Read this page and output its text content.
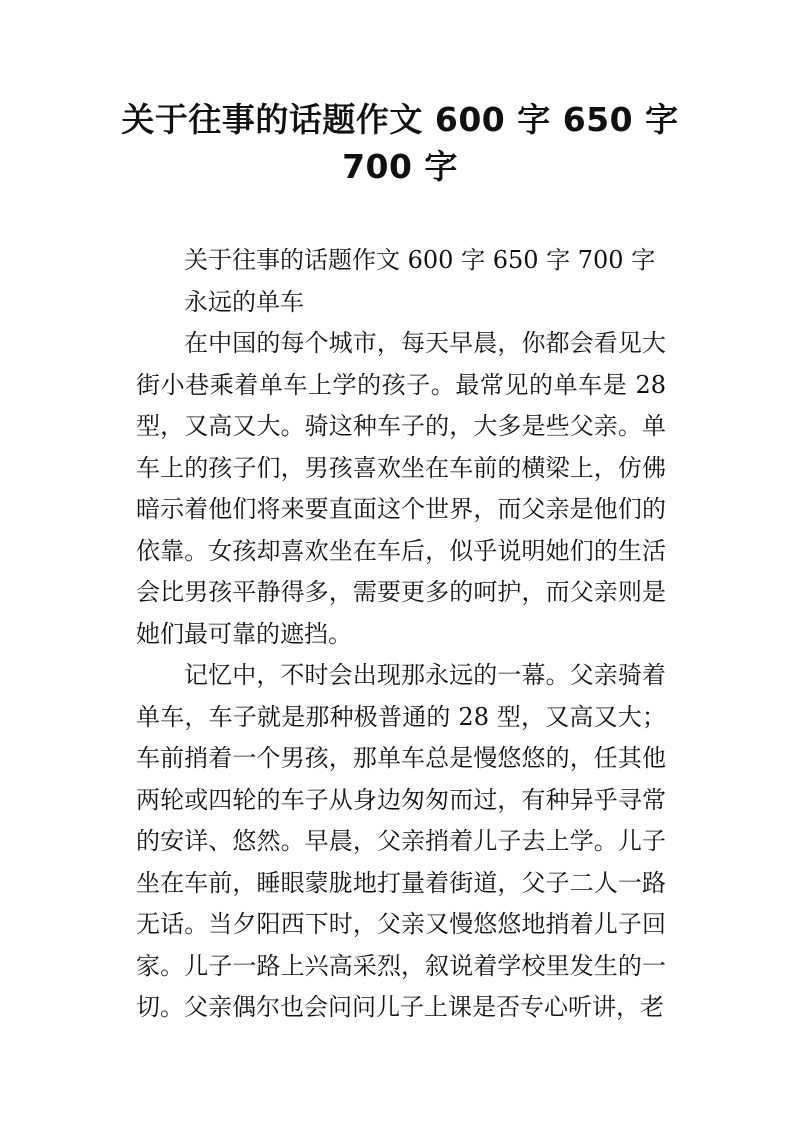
关于往事的话题作文 600 字 650 字
700 字

关于往事的话题作文 600 字 650 字 700 字

永远的单车

在中国的每个城市，每天早晨，你都会看见大街小巷乘着单车上学的孩子。最常见的单车是 28 型，又高又大。骑这种车子的，大多是些父亲。单车上的孩子们，男孩喜欢坐在车前的横梁上，仿佛暗示着他们将来要直面这个世界，而父亲是他们的依靠。女孩却喜欢坐在车后，似乎说明她们的生活会比男孩平静得多，需要更多的呵护，而父亲则是她们最可靠的遮挡。

记忆中，不时会出现那永远的一幕。父亲骑着单车，车子就是那种极普通的 28 型，又高又大；车前捎着一个男孩，那单车总是慢悠悠的，任其他两轮或四轮的车子从身边匆匆而过，有种异乎寻常的安详、悠然。早晨，父亲捎着儿子去上学。儿子坐在车前，睡眼蒙胧地打量着街道，父子二人一路无话。当夕阳西下时，父亲又慢悠悠地捎着儿子回家。儿子一路上兴高采烈，叙说着学校里发生的一切。父亲偶尔也会问问儿子上课是否专心听讲，老
